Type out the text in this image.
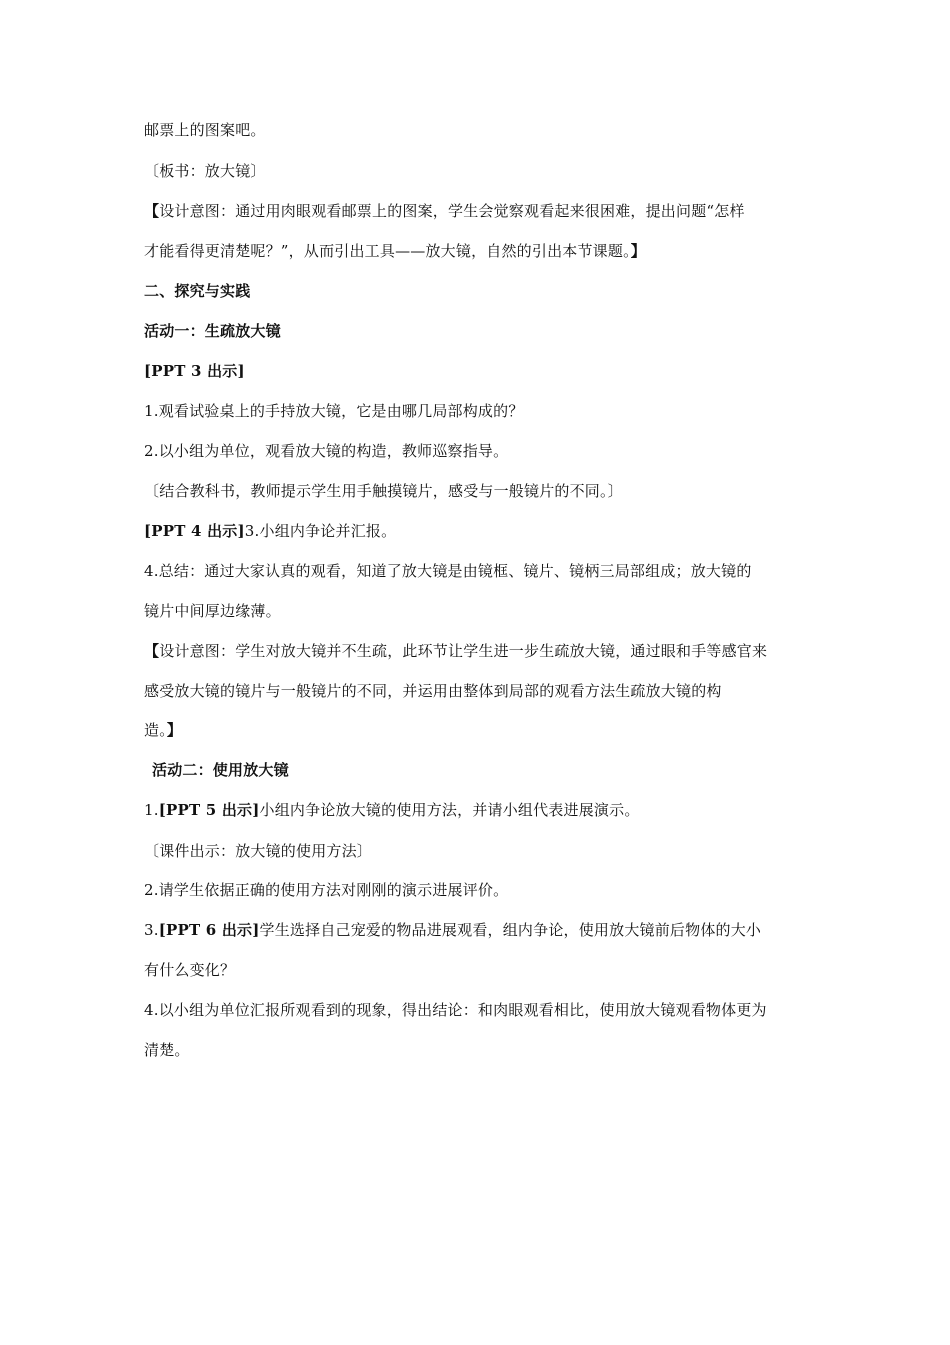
邮票上的图案吧。
〔板书：放大镜〕
【设计意图：通过用肉眼观看邮票上的图案，学生会觉察观看起来很困难，提出问题“怎样
才能看得更清楚呢？”，从而引出工具——放大镜，自然的引出本节课题。】
二、探究与实践
活动一：生疏放大镜
[PPT 3 出示]
1.观看试验桌上的手持放大镜，它是由哪几局部构成的？
2.以小组为单位，观看放大镜的构造，教师巡察指导。
〔结合教科书，教师提示学生用手触摸镜片，感受与一般镜片的不同。〕
[PPT 4 出示]3.小组内争论并汇报。
4.总结：通过大家认真的观看，知道了放大镜是由镜框、镜片、镜柄三局部组成；放大镜的
镜片中间厚边缘薄。
【设计意图：学生对放大镜并不生疏，此环节让学生进一步生疏放大镜，通过眼和手等感官来
感受放大镜的镜片与一般镜片的不同，并运用由整体到局部的观看方法生疏放大镜的构
造。】
活动二：使用放大镜
1.[PPT 5 出示]小组内争论放大镜的使用方法，并请小组代表进展演示。
〔课件出示：放大镜的使用方法〕
2.请学生依据正确的使用方法对刚刚的演示进展评价。
3.[PPT 6 出示]学生选择自己宠爱的物品进展观看，组内争论，使用放大镜前后物体的大小
有什么变化？
4.以小组为单位汇报所观看到的现象，得出结论：和肉眼观看相比，使用放大镜观看物体更为
清楚。
